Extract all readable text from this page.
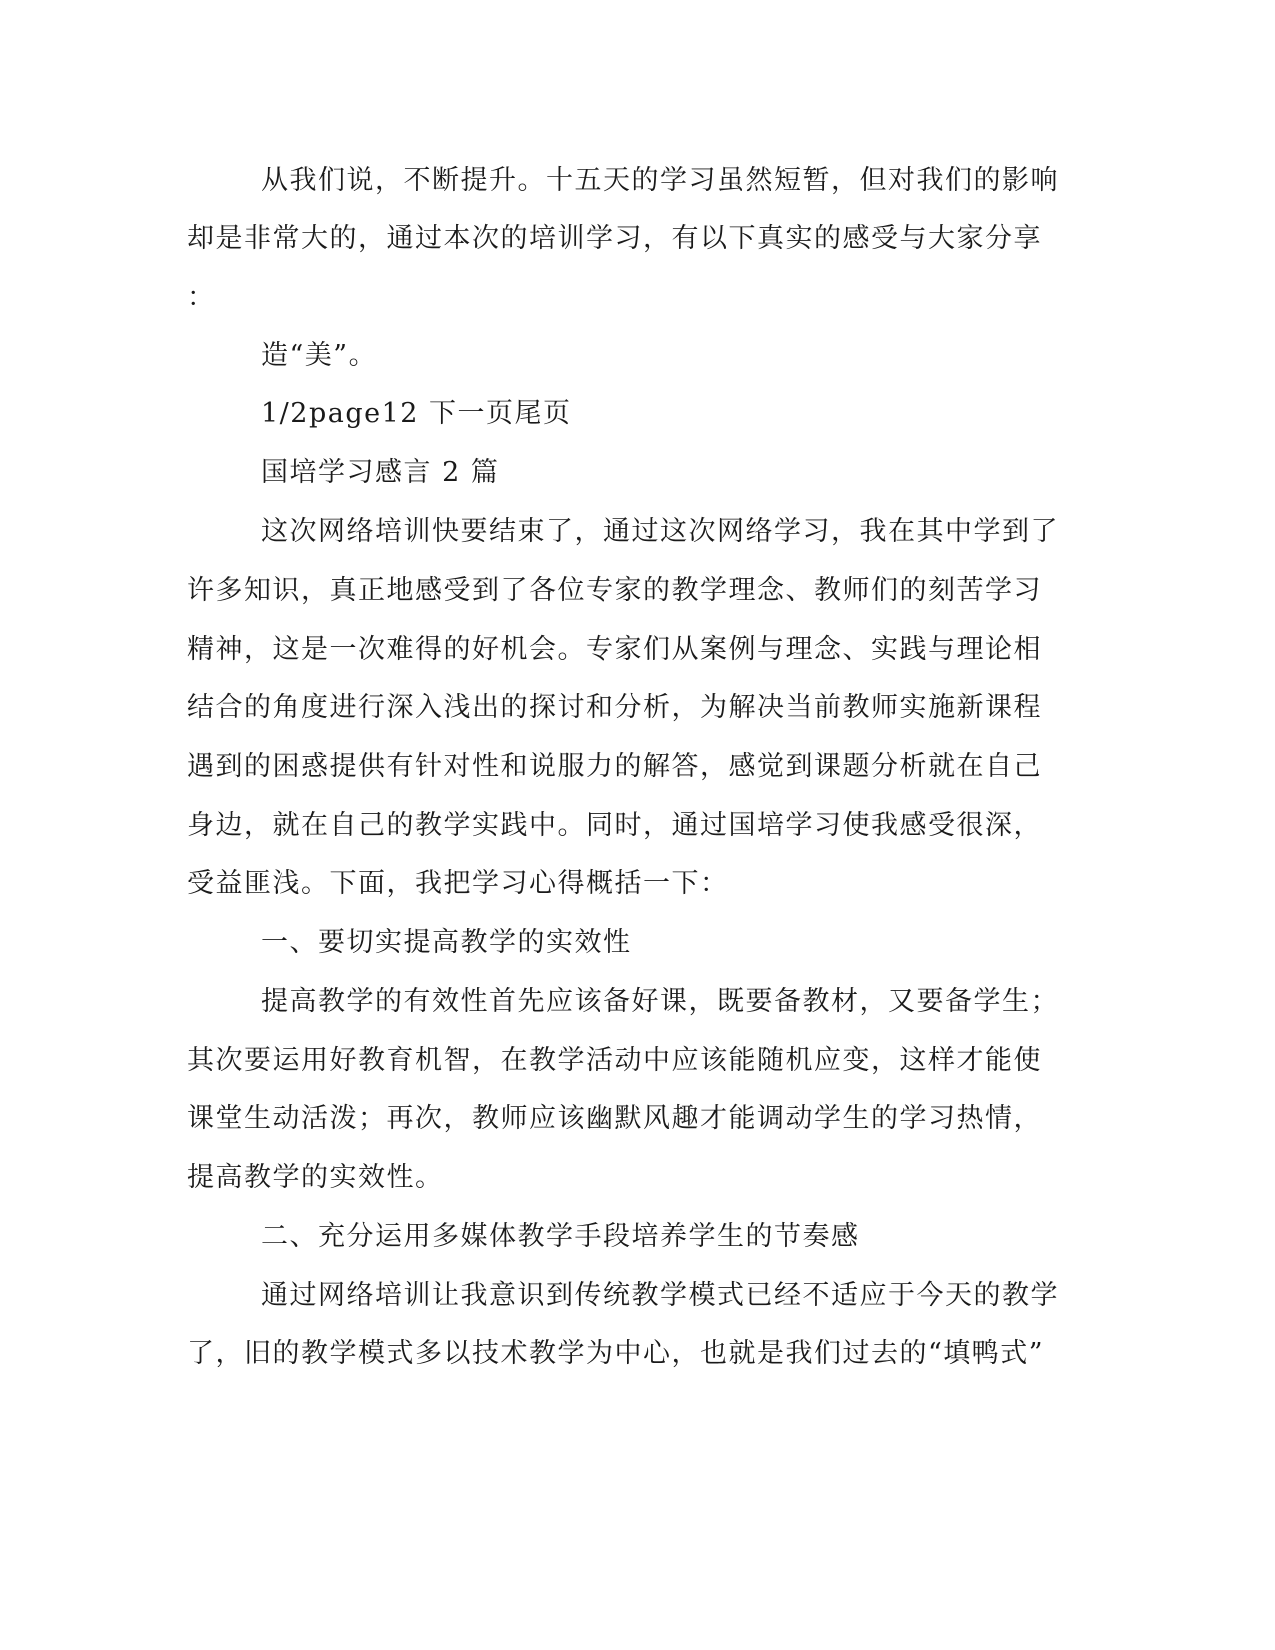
从我们说，不断提升。十五天的学习虽然短暂，但对我们的影响
却是非常大的，通过本次的培训学习，有以下真实的感受与大家分享
：
造“美”。
1/2page12 下一页尾页
国培学习感言 2 篇
这次网络培训快要结束了，通过这次网络学习，我在其中学到了
许多知识，真正地感受到了各位专家的教学理念、教师们的刻苦学习
精神，这是一次难得的好机会。专家们从案例与理念、实践与理论相
结合的角度进行深入浅出的探讨和分析，为解决当前教师实施新课程
遇到的困惑提供有针对性和说服力的解答，感觉到课题分析就在自己
身边，就在自己的教学实践中。同时，通过国培学习使我感受很深，
受益匪浅。下面，我把学习心得概括一下：
一、要切实提高教学的实效性
提高教学的有效性首先应该备好课，既要备教材，又要备学生；
其次要运用好教育机智，在教学活动中应该能随机应变，这样才能使
课堂生动活泼；再次，教师应该幽默风趣才能调动学生的学习热情，
提高教学的实效性。
二、充分运用多媒体教学手段培养学生的节奏感
通过网络培训让我意识到传统教学模式已经不适应于今天的教学
了，旧的教学模式多以技术教学为中心，也就是我们过去的“填鸭式”
